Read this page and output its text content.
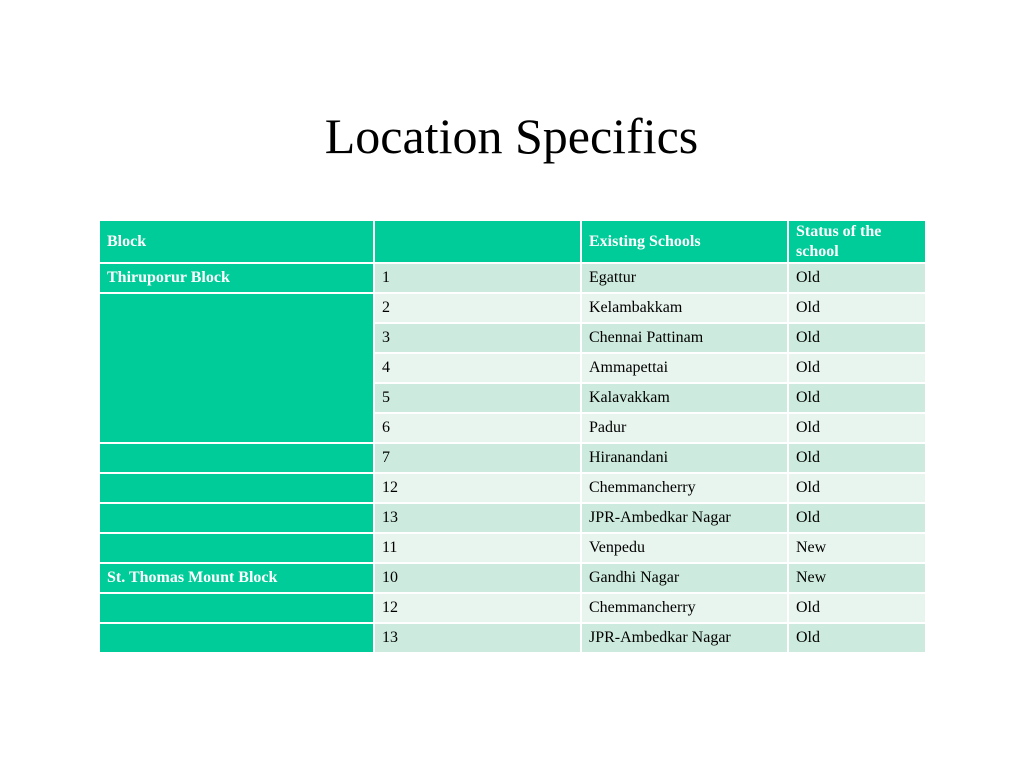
Location Specifics
Block		Existing Schools	Status of the school
Thiruporur Block	1	Egattur	Old
	2	Kelambakkam	Old
	3	Chennai Pattinam	Old
	4	Ammapettai	Old
	5	Kalavakkam	Old
	6	Padur	Old
	7	Hiranandani	Old
	12	Chemmancherry	Old
	13	JPR-Ambedkar Nagar	Old
	11	Venpedu	New
St. Thomas Mount Block	10	Gandhi Nagar	New
	12	Chemmancherry	Old
	13	JPR-Ambedkar Nagar	Old
